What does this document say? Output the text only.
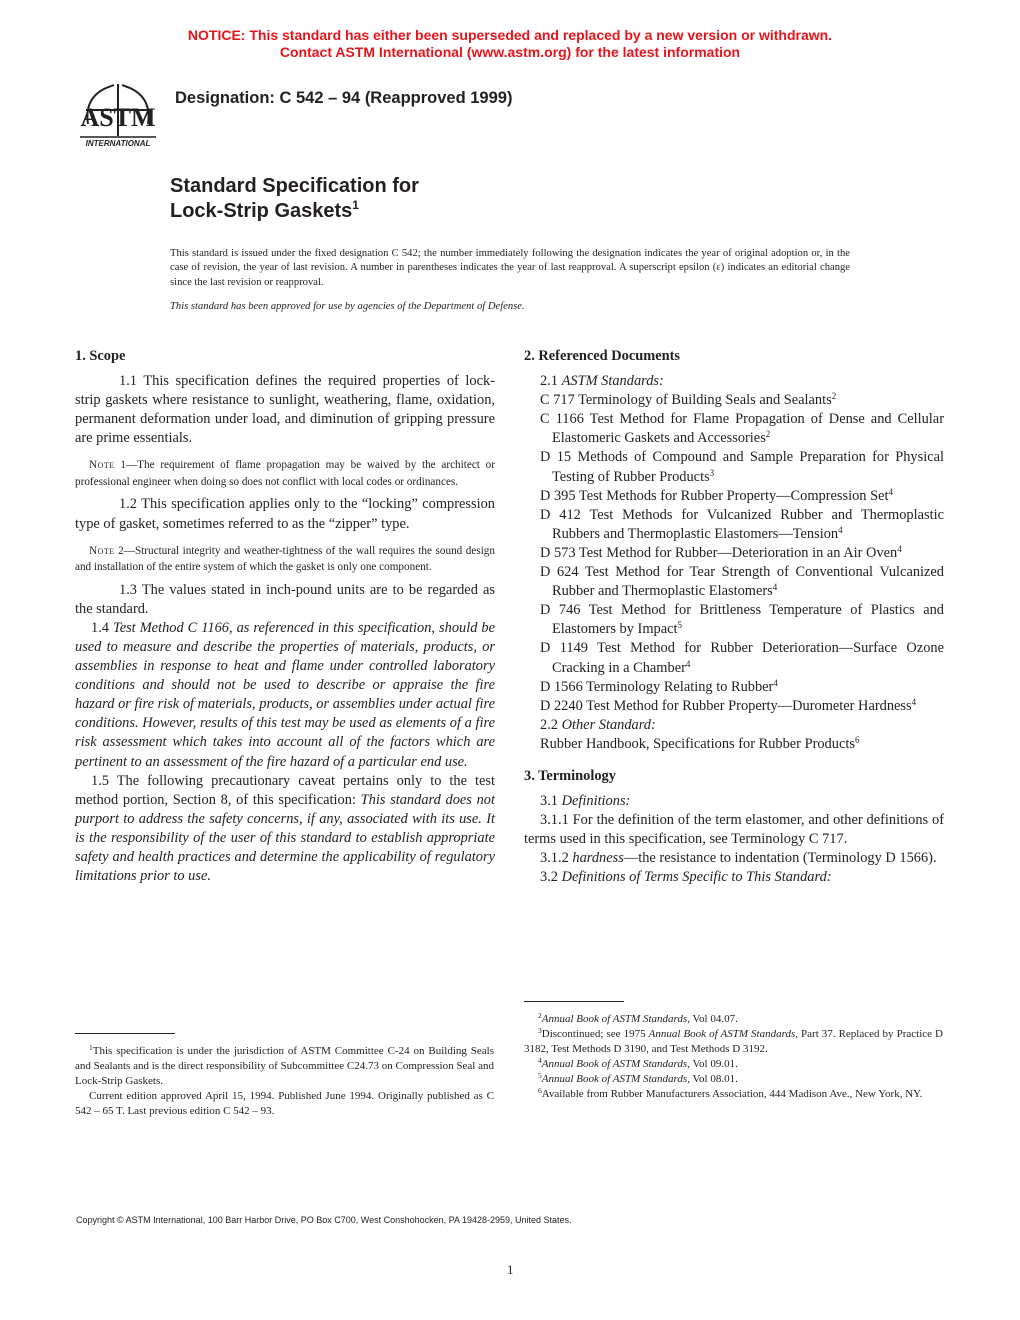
NOTICE: This standard has either been superseded and replaced by a new version or withdrawn.
Contact ASTM International (www.astm.org) for the latest information
ASTM
INTERNATIONAL
Designation: C 542 – 94 (Reapproved 1999)
Standard Specification for
Lock-Strip Gaskets$^1$
This standard is issued under the fixed designation C 542; the number immediately following the designation indicates the year of original adoption or, in the case of revision, the year of last revision. A number in parentheses indicates the year of last reapproval. A superscript epsilon (ε) indicates an editorial change since the last revision or reapproval.
This standard has been approved for use by agencies of the Department of Defense.

1. Scope

1.1 This specification defines the required properties of lock-strip gaskets where resistance to sunlight, weathering, flame, oxidation, permanent deformation under load, and diminution of gripping pressure are prime essentials.

Note 1—The requirement of flame propagation may be waived by the architect or professional engineer when doing so does not conflict with local codes or ordinances.

1.2 This specification applies only to the “locking” compression type of gasket, sometimes referred to as the “zipper” type.

Note 2—Structural integrity and weather-tightness of the wall requires the sound design and installation of the entire system of which the gasket is only one component.

1.3 The values stated in inch-pound units are to be regarded as the standard.

1.4 Test Method C 1166, as referenced in this specification, should be used to measure and describe the properties of materials, products, or assemblies in response to heat and flame under controlled laboratory conditions and should not be used to describe or appraise the fire hazard or fire risk of materials, products, or assemblies under actual fire conditions. However, results of this test may be used as elements of a fire risk assessment which takes into account all of the factors which are pertinent to an assessment of the fire hazard of a particular end use.

1.5 The following precautionary caveat pertains only to the test method portion, Section 8, of this specification: This standard does not purport to address the safety concerns, if any, associated with its use. It is the responsibility of the user of this standard to establish appropriate safety and health practices and determine the applicability of regulatory limitations prior to use.

2. Referenced Documents

2.1 ASTM Standards:

C 717 Terminology of Building Seals and Sealants$^2$

C 1166 Test Method for Flame Propagation of Dense and Cellular Elastomeric Gaskets and Accessories$^2$

D 15 Methods of Compound and Sample Preparation for Physical Testing of Rubber Products$^3$

D 395 Test Methods for Rubber Property—Compression Set$^4$

D 412 Test Methods for Vulcanized Rubber and Thermoplastic Rubbers and Thermoplastic Elastomers—Tension$^4$

D 573 Test Method for Rubber—Deterioration in an Air Oven$^4$

D 624 Test Method for Tear Strength of Conventional Vulcanized Rubber and Thermoplastic Elastomers$^4$

D 746 Test Method for Brittleness Temperature of Plastics and Elastomers by Impact$^5$

D 1149 Test Method for Rubber Deterioration—Surface Ozone Cracking in a Chamber$^4$

D 1566 Terminology Relating to Rubber$^4$

D 2240 Test Method for Rubber Property—Durometer Hardness$^4$

2.2 Other Standard:

Rubber Handbook, Specifications for Rubber Products$^6$

3. Terminology

3.1 Definitions:

3.1.1 For the definition of the term elastomer, and other definitions of terms used in this specification, see Terminology C 717.

3.1.2 hardness—the resistance to indentation (Terminology D 1566).

3.2 Definitions of Terms Specific to This Standard:

$^1$This specification is under the jurisdiction of ASTM Committee C-24 on Building Seals and Sealants and is the direct responsibility of Subcommittee C24.73 on Compression Seal and Lock-Strip Gaskets.

Current edition approved April 15, 1994. Published June 1994. Originally published as C 542 – 65 T. Last previous edition C 542 – 93.

$^2$Annual Book of ASTM Standards, Vol 04.07.

$^3$Discontinued; see 1975 Annual Book of ASTM Standards, Part 37. Replaced by Practice D 3182, Test Methods D 3190, and Test Methods D 3192.

$^4$Annual Book of ASTM Standards, Vol 09.01.

$^5$Annual Book of ASTM Standards, Vol 08.01.

$^6$Available from Rubber Manufacturers Association, 444 Madison Ave., New York, NY.

Copyright © ASTM International, 100 Barr Harbor Drive, PO Box C700, West Conshohocken, PA 19428-2959, United States.
1
